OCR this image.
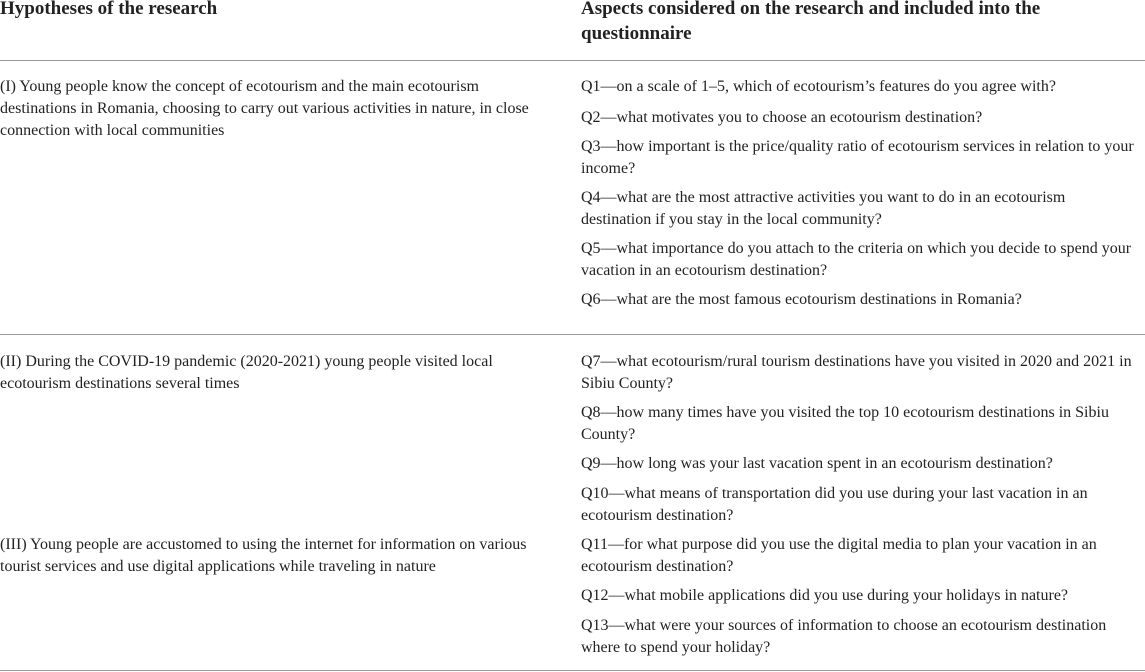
Hypotheses of the research	Aspects considered on the research and included into the
questionnaire
(I) Young people know the concept of ecotourism and the main ecotourism
destinations in Romania, choosing to carry out various activities in nature, in close
connection with local communities
(II) During the COVID-19 pandemic (2020-2021) young people visited local
ecotourism destinations several times
(III) Young people are accustomed to using the internet for information on various
tourist services and use digital applications while traveling in nature
Q1—on a scale of 1–5, which of ecotourism’s features do you agree with?
Q2—what motivates you to choose an ecotourism destination?
Q3—how important is the price/quality ratio of ecotourism services in relation to your
income?
Q4—what are the most attractive activities you want to do in an ecotourism
destination if you stay in the local community?
Q5—what importance do you attach to the criteria on which you decide to spend your
vacation in an ecotourism destination?
Q6—what are the most famous ecotourism destinations in Romania?
Q7—what ecotourism/rural tourism destinations have you visited in 2020 and 2021 in
Sibiu County?
Q8—how many times have you visited the top 10 ecotourism destinations in Sibiu
County?
Q9—how long was your last vacation spent in an ecotourism destination?
Q10—what means of transportation did you use during your last vacation in an
ecotourism destination?
Q11—for what purpose did you use the digital media to plan your vacation in an
ecotourism destination?
Q12—what mobile applications did you use during your holidays in nature?
Q13—what were your sources of information to choose an ecotourism destination
where to spend your holiday?
